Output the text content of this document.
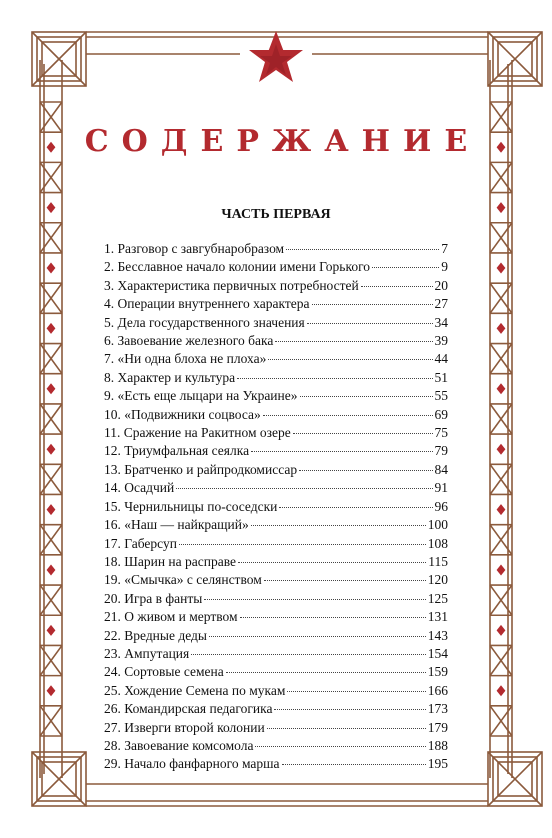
СОДЕРЖАНИЕ
ЧАСТЬ ПЕРВАЯ
1. Разговор с завгубнаробразом	7
2. Бесславное начало колонии имени Горького	9
3. Характеристика первичных потребностей	20
4. Операции внутреннего характера	27
5. Дела государственного значения	34
6. Завоевание железного бака	39
7. «Ни одна блоха не плоха»	44
8. Характер и культура	51
9. «Есть еще лыцари на Украине»	55
10. «Подвижники соцвоса»	69
11. Сражение на Ракитном озере	75
12. Триумфальная сеялка	79
13. Братченко и райпродкомиссар	84
14. Осадчий	91
15. Чернильницы по-соседски	96
16. «Наш — найкращий»	100
17. Габерсуп	108
18. Шарин на расправе	115
19. «Смычка» с селянством	120
20. Игра в фанты	125
21. О живом и мертвом	131
22. Вредные деды	143
23. Ампутация	154
24. Сортовые семена	159
25. Хождение Семена по мукам	166
26. Командирская педагогика	173
27. Изверги второй колонии	179
28. Завоевание комсомола	188
29. Начало фанфарного марша	195
